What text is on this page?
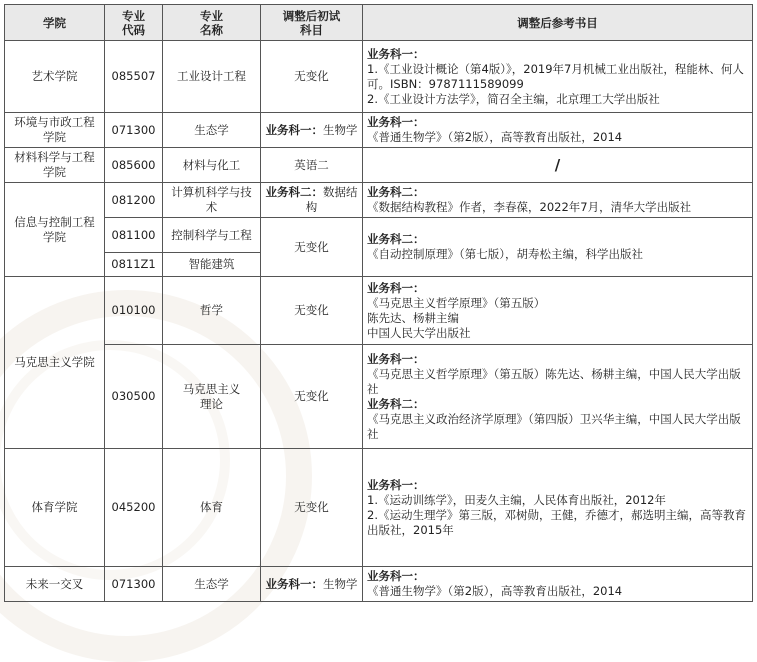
学院	专业代码	专业名称	调整后初试科目	调整后参考书目
艺术学院	085507	工业设计工程	无变化	业务科一：
1.《工业设计概论（第4版）》，2019年7月机械工业出版社，程能林、何人可。ISBN：9787111589099
2.《工业设计方法学》，简召全主编，北京理工大学出版社

环境与市政工程学院	071300	生态学	业务科一：生物学	业务科一：
《普通生物学》（第2版），高等教育出版社，2014

材料科学与工程学院	085600	材料与化工	英语二	/
信息与控制工程学院	081200	计算机科学与技术	业务科二：数据结构	业务科二：
《数据结构教程》作者，李春葆，2022年7月，清华大学出版社

	081100	控制科学与工程	无变化	业务科二：
《自动控制原理》（第七版），胡寿松主编，科学出版社

	0811Z1	智能建筑		
马克思主义学院	010100	哲学	无变化	业务科一：
《马克思主义哲学原理》（第五版）
陈先达、杨耕主编
中国人民大学出版社

	030500	马克思主义理论	无变化	业务科一：
《马克思主义哲学原理》（第五版）陈先达、杨耕主编，中国人民大学出版社
业务科二：
《马克思主义政治经济学原理》（第四版）卫兴华主编，中国人民大学出版社

体育学院	045200	体育	无变化	业务科一：
1.《运动训练学》，田麦久主编，人民体育出版社，2012年
2.《运动生理学》第三版，邓树勋，王健，乔德才，郝选明主编，高等教育出版社，2015年

未来一交叉	071300	生态学	业务科一：生物学	业务科一：
《普通生物学》（第2版），高等教育出版社，2014
